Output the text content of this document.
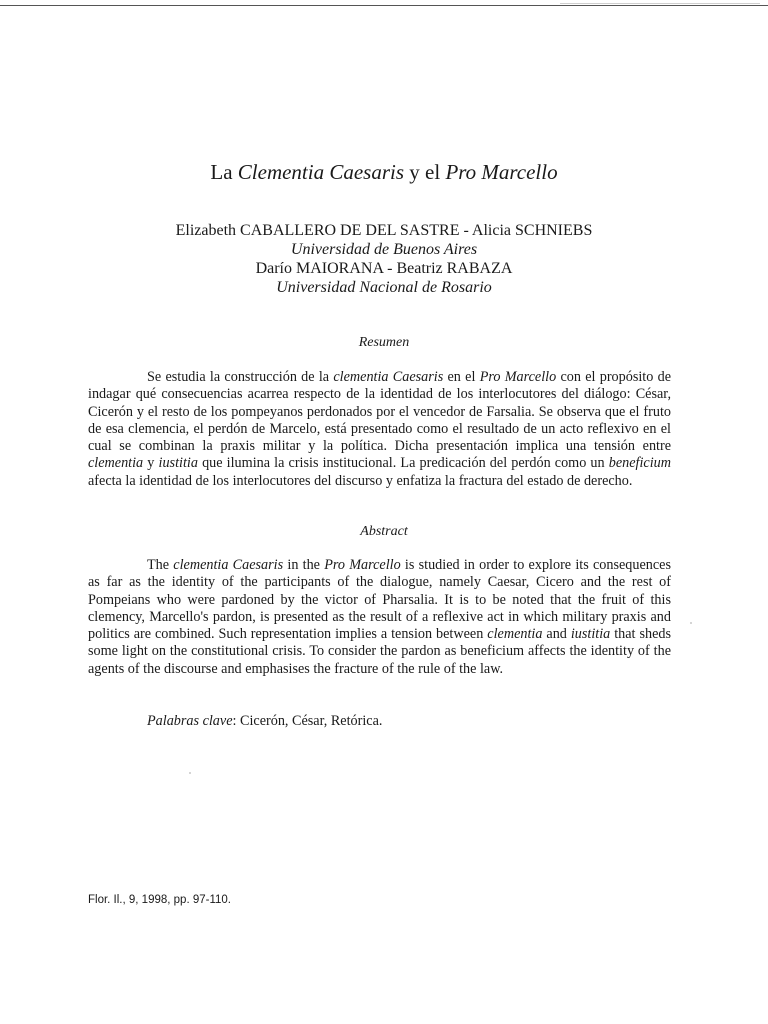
La Clementia Caesaris y el Pro Marcello
Elizabeth CABALLERO DE DEL SASTRE - Alicia SCHNIEBS
Universidad de Buenos Aires
Darío MAIORANA - Beatriz RABAZA
Universidad Nacional de Rosario
Resumen

Se estudia la construcción de la clementia Caesaris en el Pro Marcello con el propósito de indagar qué consecuencias acarrea respecto de la identidad de los interlocutores del diálogo: César, Cicerón y el resto de los pompeyanos perdonados por el vencedor de Farsalia. Se observa que el fruto de esa clemencia, el perdón de Marcelo, está presentado como el resultado de un acto reflexivo en el cual se combinan la praxis militar y la política. Dicha presentación implica una tensión entre clementia y iustitia que ilumina la crisis institucional. La predicación del perdón como un beneficium afecta la identidad de los interlocutores del discurso y enfatiza la fractura del estado de derecho.

Abstract

The clementia Caesaris in the Pro Marcello is studied in order to explore its consequences as far as the identity of the participants of the dialogue, namely Caesar, Cicero and the rest of Pompeians who were pardoned by the victor of Pharsalia. It is to be noted that the fruit of this clemency, Marcello's pardon, is presented as the result of a reflexive act in which military praxis and politics are combined. Such representation implies a tension between clementia and iustitia that sheds some light on the constitutional crisis. To consider the pardon as beneficium affects the identity of the agents of the discourse and emphasises the fracture of the rule of the law.

Palabras clave: Cicerón, César, Retórica.
Flor. Il., 9, 1998, pp. 97-110.
